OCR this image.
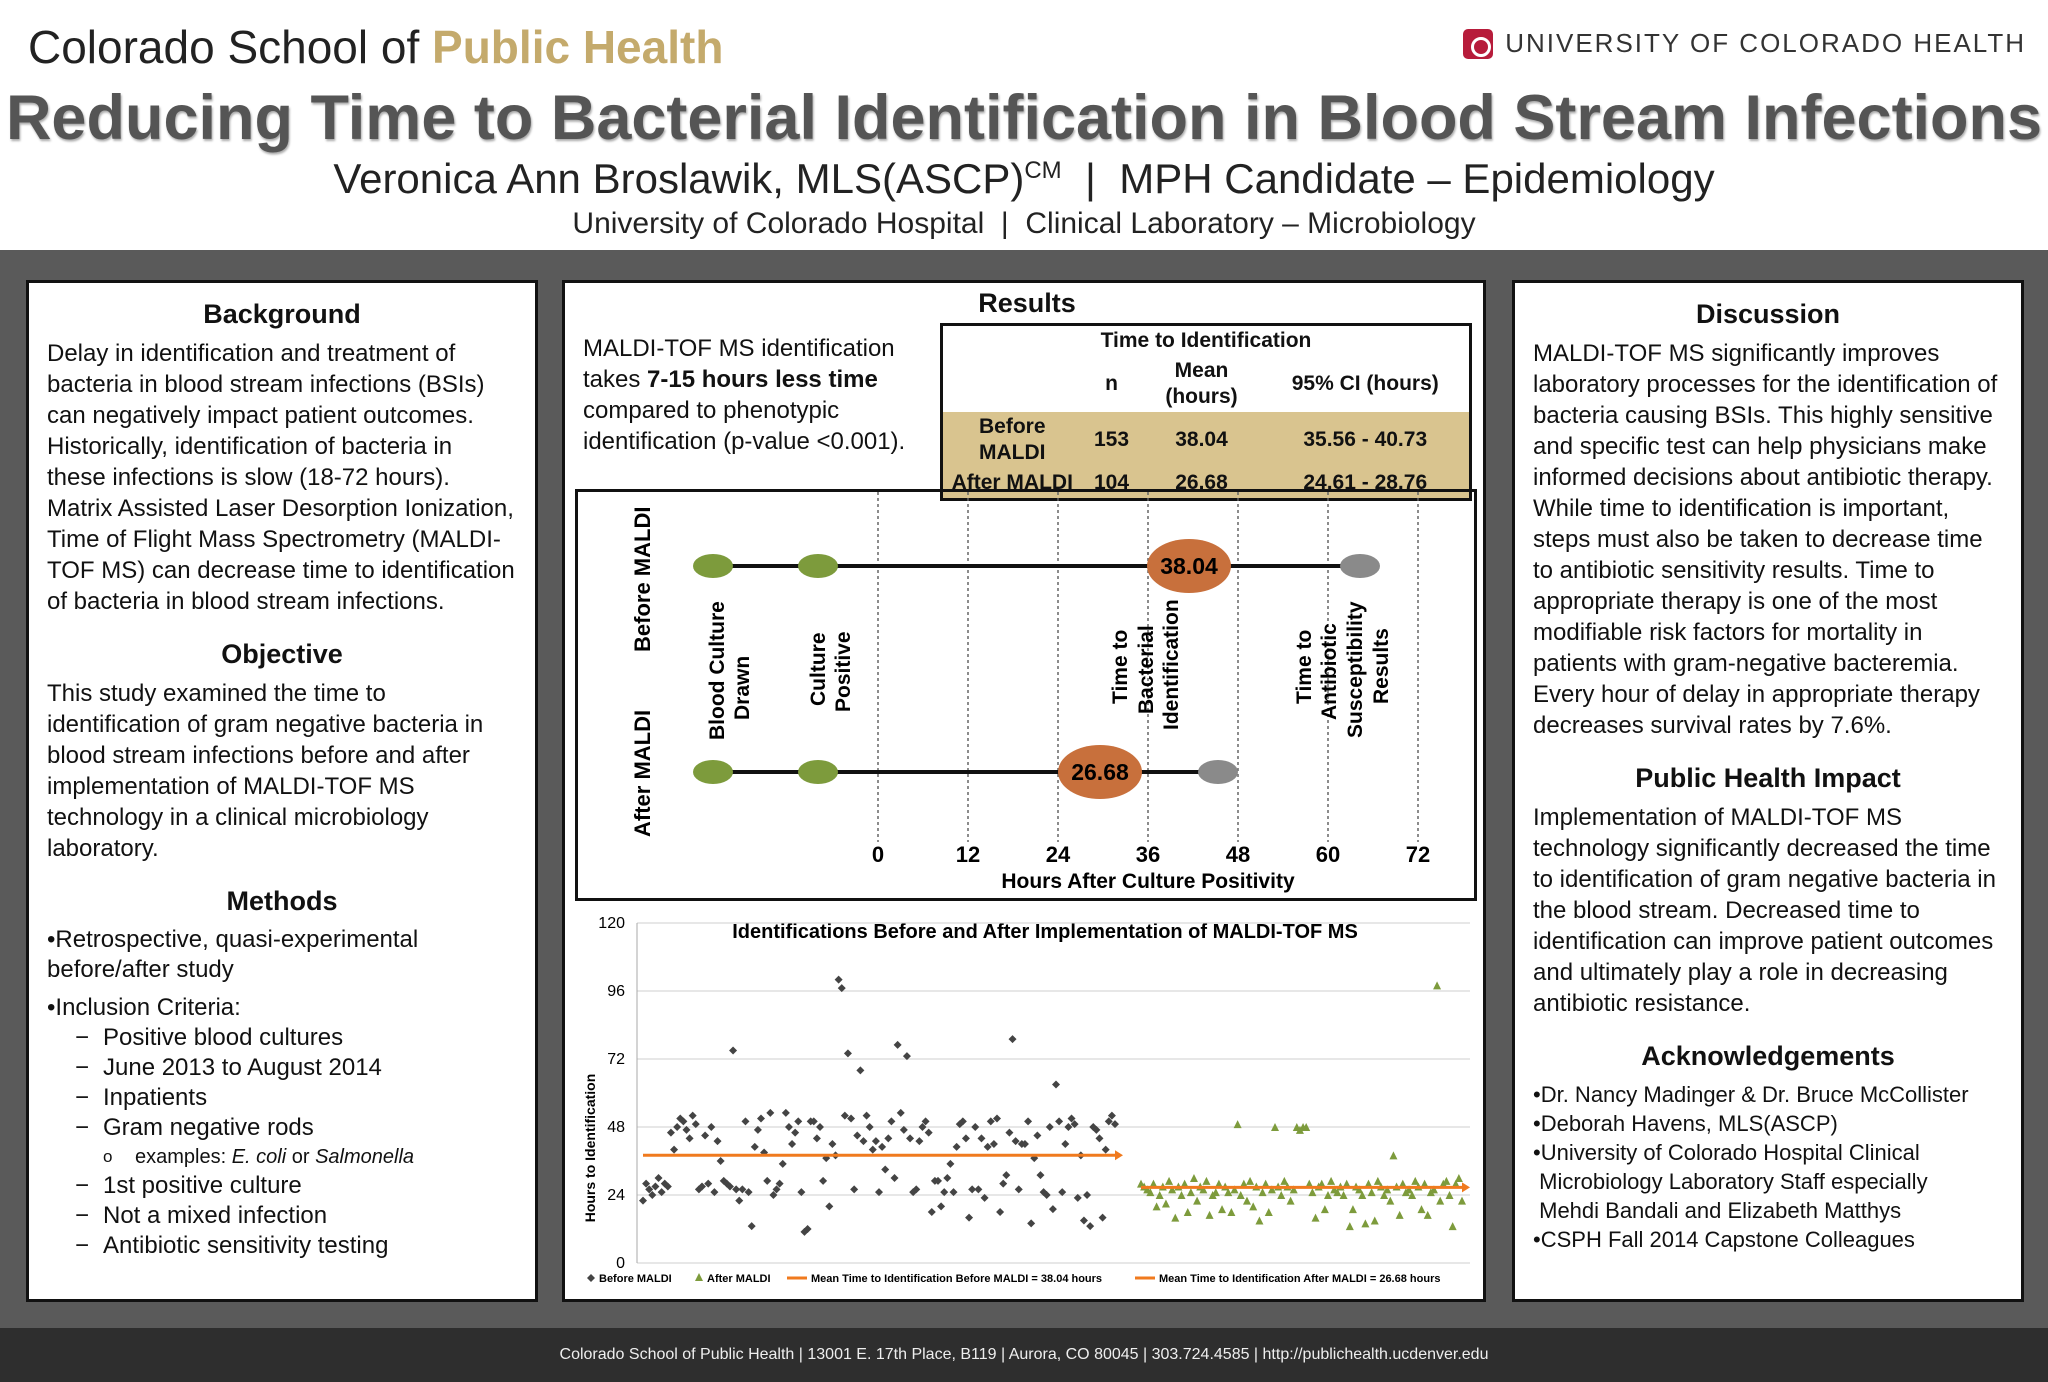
Colorado School of Public Health	UNIVERSITY OF COLORADO HEALTH
Reducing Time to Bacterial Identification in Blood Stream Infections
Veronica Ann Broslawik, MLS(ASCP)$^{CM}$  |  MPH Candidate – Epidemiology
University of Colorado Hospital  |  Clinical Laboratory – Microbiology
Background

Delay in identification and treatment of bacteria in blood stream infections (BSIs) can negatively impact patient outcomes. Historically, identification of bacteria in these infections is slow (18-72 hours). Matrix Assisted Laser Desorption Ionization, Time of Flight Mass Spectrometry (MALDI-TOF MS) can decrease time to identification of bacteria in blood stream infections.

Objective

This study examined the time to identification of gram negative bacteria in blood stream infections before and after implementation of MALDI-TOF MS technology in a clinical microbiology laboratory.

Methods
•Retrospective, quasi-experimental before/after study
•Inclusion Criteria:
− Positive blood cultures
− June 2013 to August 2014
− Inpatients
− Gram negative rods
o examples: E. coli or Salmonella
− 1st positive culture
− Not a mixed infection
− Antibiotic sensitivity testing
Results

MALDI-TOF MS identification takes 7-15 hours less time compared to phenotypic identification (p-value <0.001).

Time to Identification			
	n	Mean (hours)	95% CI (hours)
Before MALDI	153	38.04	35.56 - 40.73
After MALDI	104	26.68	24.61 - 28.76
Before MALDI
After MALDI
38.04
26.68
Blood Culture Drawn	Culture Positive	Time to Bacterial Identification	Time to Antibiotic Susceptibility Results
0	12	24	36	48	60	72
Hours After Culture Positivity
Identifications Before and After Implementation of MALDI-TOF MS
Hours to Identification
0
24
48
72
96
120
Before MALDI	After MALDI	Mean Time to Identification Before MALDI = 38.04 hours	Mean Time to Identification After MALDI = 26.68 hours
Discussion

MALDI-TOF MS significantly improves laboratory processes for the identification of bacteria causing BSIs. This highly sensitive and specific test can help physicians make informed decisions about antibiotic therapy. While time to identification is important, steps must also be taken to decrease time to antibiotic sensitivity results. Time to appropriate therapy is one of the most modifiable risk factors for mortality in patients with gram-negative bacteremia. Every hour of delay in appropriate therapy decreases survival rates by 7.6%.

Public Health Impact

Implementation of MALDI-TOF MS technology significantly decreased the time to identification of gram negative bacteria in the blood stream. Decreased time to identification can improve patient outcomes and ultimately play a role in decreasing antibiotic resistance.

Acknowledgements
•Dr. Nancy Madinger & Dr. Bruce McCollister
•Deborah Havens, MLS(ASCP)
•University of Colorado Hospital Clinical
Microbiology Laboratory Staff especially
Mehdi Bandali and Elizabeth Matthys
•CSPH Fall 2014 Capstone Colleagues
Colorado School of Public Health | 13001 E. 17th Place, B119 | Aurora, CO 80045 | 303.724.4585 | http://publichealth.ucdenver.edu
